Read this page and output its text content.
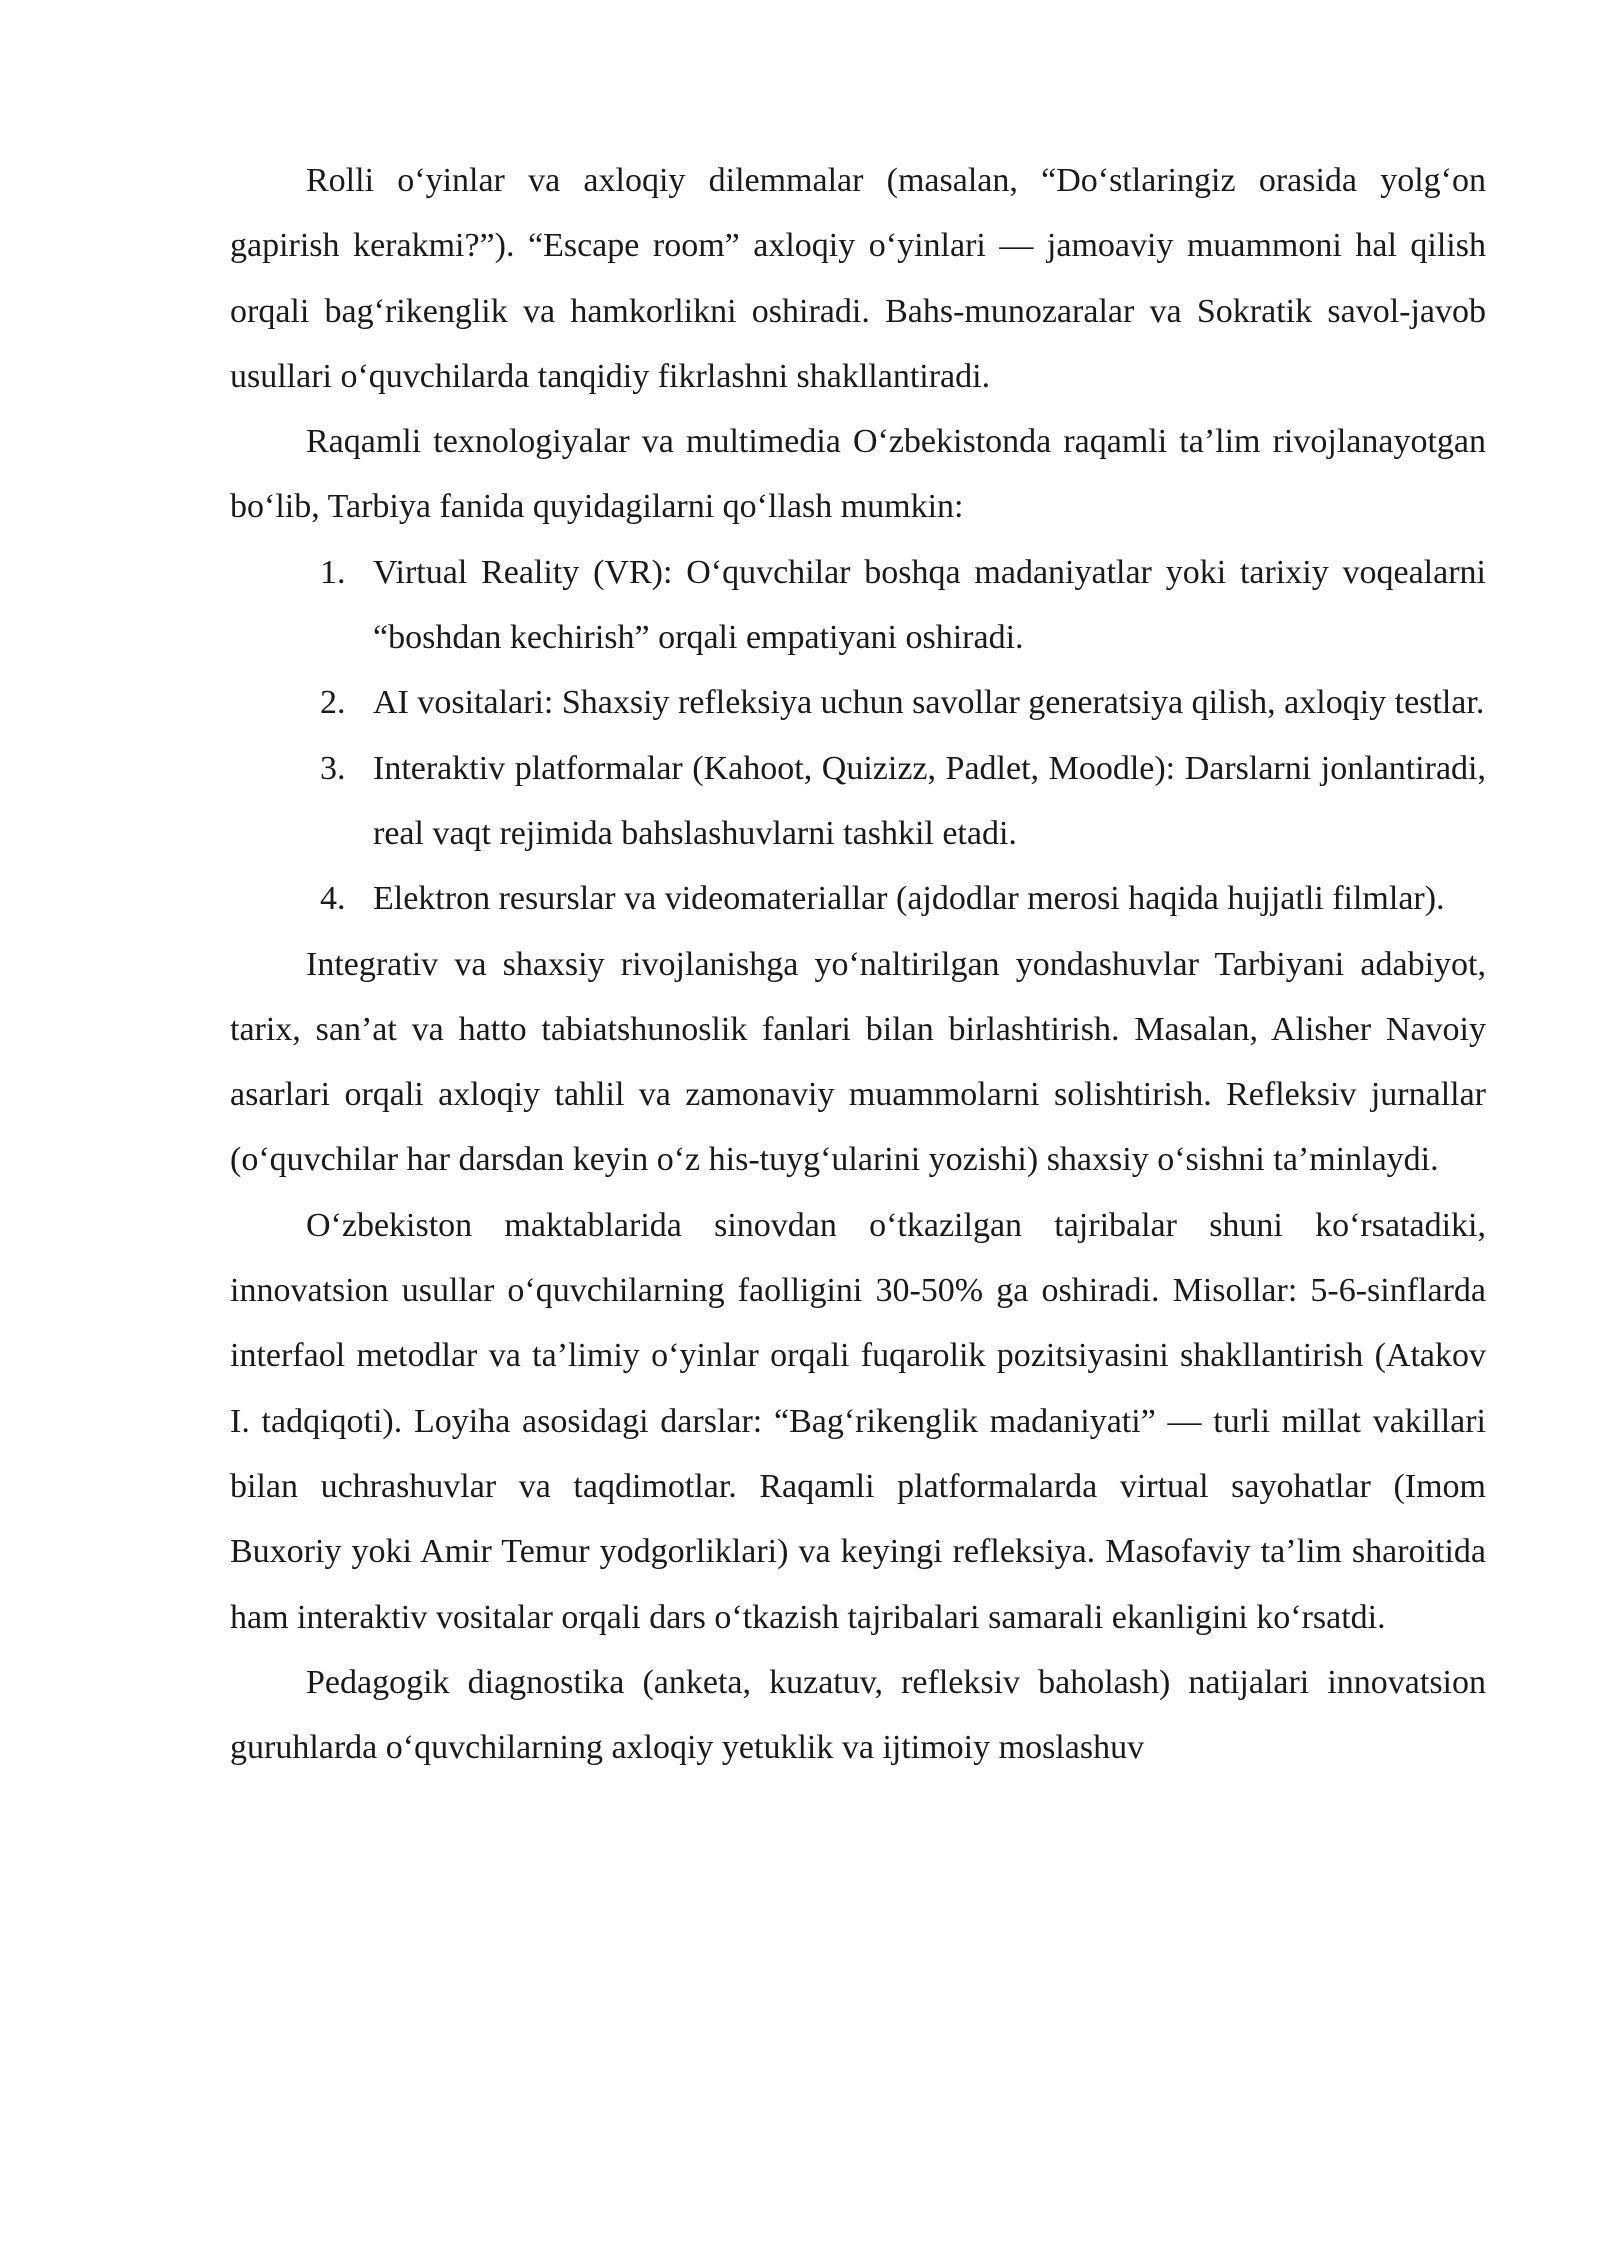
Rolli o‘yinlar va axloqiy dilemmalar (masalan, “Do‘stlaringiz orasida yolg‘on gapirish kerakmi?”). “Escape room” axloqiy o‘yinlari — jamoaviy muammoni hal qilish orqali bag‘rikenglik va hamkorlikni oshiradi. Bahs-munozaralar va Sokratik savol-javob usullari o‘quvchilarda tanqidiy fikrlashni shakllantiradi.

Raqamli texnologiyalar va multimedia O‘zbekistonda raqamli ta’lim rivojlanayotgan bo‘lib, Tarbiya fanida quyidagilarni qo‘llash mumkin:

1. Virtual Reality (VR): O‘quvchilar boshqa madaniyatlar yoki tarixiy voqealarni “boshdan kechirish” orqali empatiyani oshiradi.
2. AI vositalari: Shaxsiy refleksiya uchun savollar generatsiya qilish, axloqiy testlar.
3. Interaktiv platformalar (Kahoot, Quizizz, Padlet, Moodle): Darslarni jonlantiradi, real vaqt rejimida bahslashuvlarni tashkil etadi.
4. Elektron resurslar va videomateriallar (ajdodlar merosi haqida hujjatli filmlar).

Integrativ va shaxsiy rivojlanishga yo‘naltirilgan yondashuvlar Tarbiyani adabiyot, tarix, san’at va hatto tabiatshunoslik fanlari bilan birlashtirish. Masalan, Alisher Navoiy asarlari orqali axloqiy tahlil va zamonaviy muammolarni solishtirish. Refleksiv jurnallar (o‘quvchilar har darsdan keyin o‘z his-tuyg‘ularini yozishi) shaxsiy o‘sishni ta’minlaydi.

O‘zbekiston maktablarida sinovdan o‘tkazilgan tajribalar shuni ko‘rsatadiki, innovatsion usullar o‘quvchilarning faolligini 30-50% ga oshiradi. Misollar: 5-6-sinflarda interfaol metodlar va ta’limiy o‘yinlar orqali fuqarolik pozitsiyasini shakllantirish (Atakov I. tadqiqoti). Loyiha asosidagi darslar: “Bag‘rikenglik madaniyati” — turli millat vakillari bilan uchrashuvlar va taqdimotlar. Raqamli platformalarda virtual sayohatlar (Imom Buxoriy yoki Amir Temur yodgorliklari) va keyingi refleksiya. Masofaviy ta’lim sharoitida ham interaktiv vositalar orqali dars o‘tkazish tajribalari samarali ekanligini ko‘rsatdi.

Pedagogik diagnostika (anketa, kuzatuv, refleksiv baholash) natijalari innovatsion guruhlarda o‘quvchilarning axloqiy yetuklik va ijtimoiy moslashuv
